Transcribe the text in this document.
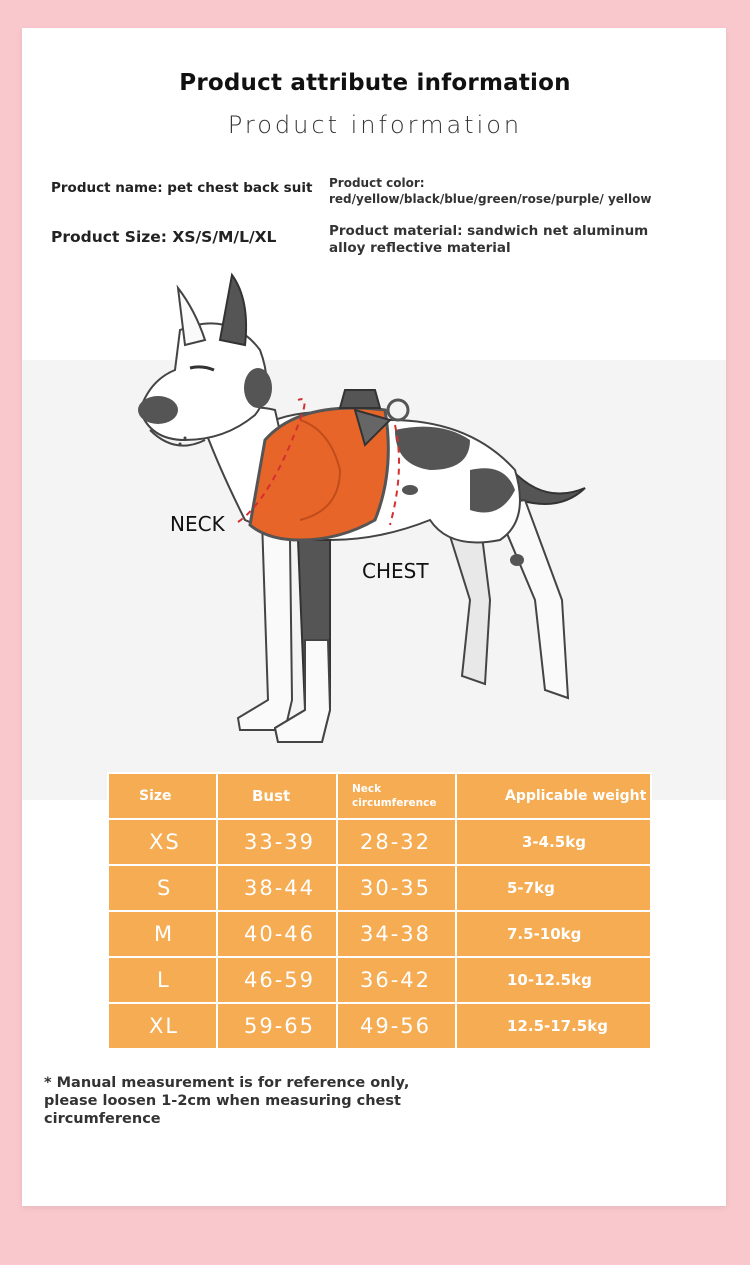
Product attribute information
Product information
Product name: pet chest back suit Product color: red/yellow/black/blue/green/rose/purple/ yellow
Product Size: XS/S/M/L/XL	Product material: sandwich net aluminum alloy reflective material
NECK
CHEST
Size	Bust	Neck circumference	Applicable weight

XS	33-39	28-32	3-4.5kg

S	38-44	30-35	5-7kg

M	40-46	34-38	7.5-10kg

L	46-59	36-42	10-12.5kg

XL	59-65	49-56	12.5-17.5kg
* Manual measurement is for reference only, please loosen 1-2cm when measuring chest circumference
